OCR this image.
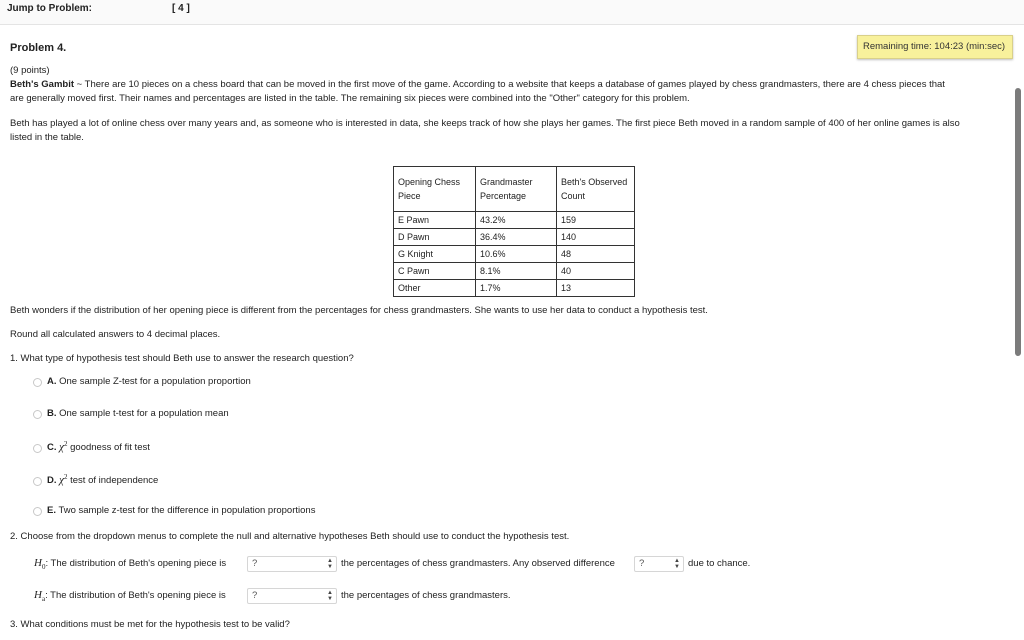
Jump to Problem:	[ 4 ]
Problem 4.	Remaining time: 104:23 (min:sec)
(9 points)
Beth's Gambit ~ There are 10 pieces on a chess board that can be moved in the first move of the game. According to a website that keeps a database of games played by chess grandmasters, there are 4 chess pieces that
are generally moved first. Their names and percentages are listed in the table. The remaining six pieces were combined into the "Other" category for this problem.
Beth has played a lot of online chess over many years and, as someone who is interested in data, she keeps track of how she plays her games. The first piece Beth moved in a random sample of 400 of her online games is also
listed in the table.
Opening Chess Piece	Grandmaster Percentage	Beth's Observed Count
E Pawn	43.2%	159
D Pawn	36.4%	140
G Knight	10.6%	48
C Pawn	8.1%	40
Other	1.7%	13
Beth wonders if the distribution of her opening piece is different from the percentages for chess grandmasters. She wants to use her data to conduct a hypothesis test.
Round all calculated answers to 4 decimal places.
1. What type of hypothesis test should Beth use to answer the research question?
A. One sample Z-test for a population proportion
B. One sample t-test for a population mean
C. $\chi^2$ goodness of fit test
D. $\chi^2$ test of independence
E. Two sample z-test for the difference in population proportions
2. Choose from the dropdown menus to complete the null and alternative hypotheses Beth should use to conduct the hypothesis test.
$H_0$: The distribution of Beth's opening piece is	?	▲
▼ the percentages of chess grandmasters. Any observed difference	?	▲
▼ due to chance.
$H_a$: The distribution of Beth's opening piece is	?	▲
▼ the percentages of chess grandmasters.
3. What conditions must be met for the hypothesis test to be valid?
